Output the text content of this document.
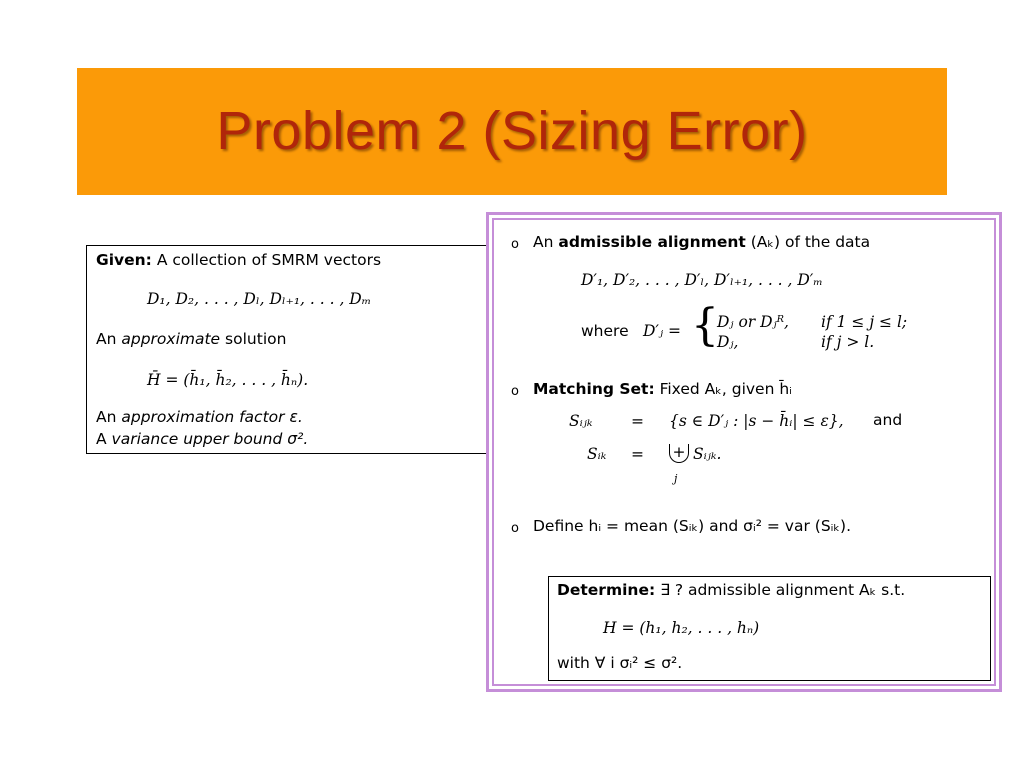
Problem 2 (Sizing Error)
Given: A collection of SMRM vectors
D₁, D₂, . . . , Dₗ, Dₗ₊₁, . . . , Dₘ
An approximate solution
H̄ = (h̄₁, h̄₂, . . . , h̄ₙ).
An approximation factor ε.
A variance upper bound σ².
o An admissible alignment (Aₖ) of the data
D′₁, D′₂, . . . , D′ₗ, D′ₗ₊₁, . . . , D′ₘ
where D′ⱼ = {
Dⱼ or Dⱼᴿ, if 1 ≤ j ≤ l;
Dⱼ,	if j > l.
o Matching Set: Fixed Aₖ, given h̄ᵢ
Sᵢⱼₖ = {s ∈ D′ⱼ : |s − h̄ᵢ| ≤ ε}, and
Sᵢₖ = + Sᵢⱼₖ.
j
o Define hᵢ = mean (Sᵢₖ) and σᵢ² = var (Sᵢₖ).
Determine: ∃ ? admissible alignment Aₖ s.t.
H = (h₁, h₂, . . . , hₙ)
with ∀ i σᵢ² ≤ σ².
